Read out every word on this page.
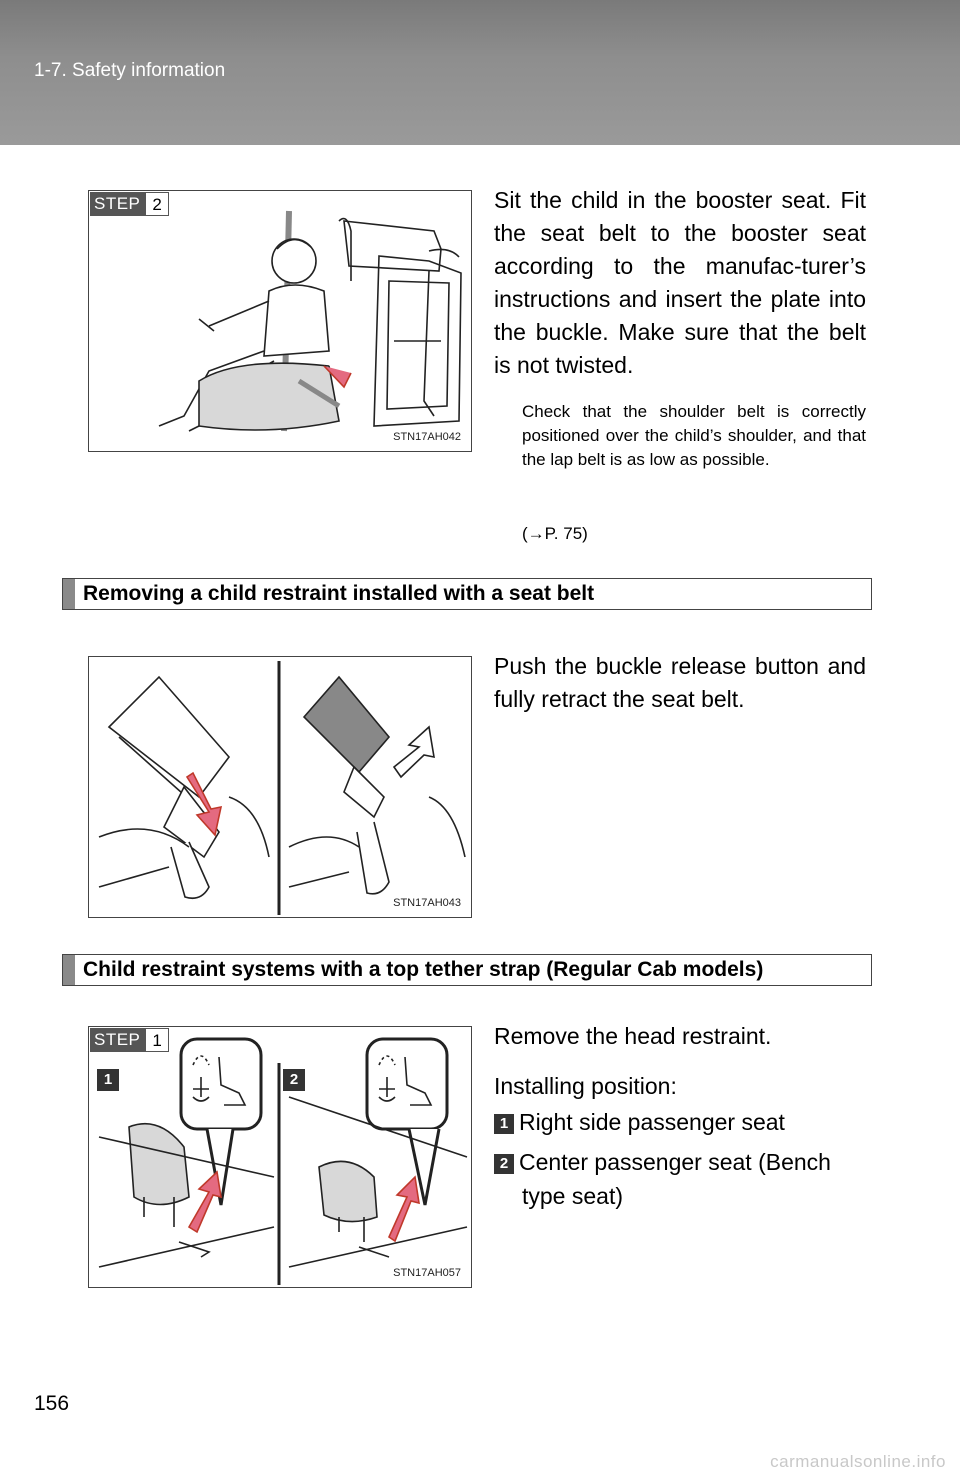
1-7. Safety information
STEP 2
STN17AH042
Sit the child in the booster seat. Fit the seat belt to the booster seat according to the manufac-turer’s instructions and insert the plate into the buckle. Make sure that the belt is not twisted.
Check that the shoulder belt is correctly positioned over the child’s shoulder, and that the lap belt is as low as possible.
(→P. 75)
Removing a child restraint installed with a seat belt
STN17AH043
Push the buckle release button and fully retract the seat belt.
Child restraint systems with a top tether strap (Regular Cab models)
STEP 1
1	2
STN17AH057
Remove the head restraint.
Installing position:
1 Right side passenger seat
2 Center passenger seat (Bench
type seat)
156
carmanualsonline.info
